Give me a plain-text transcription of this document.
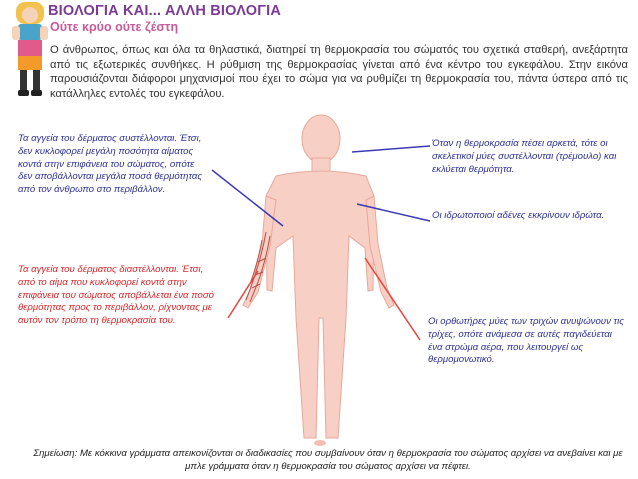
ΒΙΟΛΟΓΙΑ ΚΑΙ... ΑΛΛΗ ΒΙΟΛΟΓΙΑ
Ούτε κρύο ούτε ζέστη
Ο άνθρωπος, όπως και όλα τα θηλαστικά, διατηρεί τη θερμοκρασία του σώματός του σχετικά σταθερή, ανεξάρτητα από τις εξωτερικές συνθήκες. Η ρύθμιση της θερμοκρασίας γίνεται από ένα κέντρο του εγκεφάλου. Στην εικόνα παρουσιάζονται διάφοροι μηχανισμοί που έχει το σώμα για να ρυθμίζει τη θερμοκρασία του, πάντα ύστερα από τις κατάλληλες εντολές του εγκεφάλου.
Τα αγγεία του δέρματος συστέλλονται. Έτσι, δεν κυκλοφορεί μεγάλη ποσότητα αίματος κοντά στην επιφάνεια του σώματος, οπότε δεν αποβάλλονται μεγάλα ποσά θερμότητας από τον άνθρωπο στο περιβάλλον.
Τα αγγεία του δέρματος διαστέλλονται. Έτσι, από το αίμα που κυκλοφορεί κοντά στην επιφάνεια του σώματος αποβάλλεται ένα ποσό θερμότητας προς το περιβάλλον, ρίχνοντας με αυτόν τον τρόπο τη θερμοκρασία του.
Όταν η θερμοκρασία πέσει αρκετά, τότε οι σκελετικοί μύες συστέλλονται (τρέμουλο) και εκλύεται θερμότητα.
Οι ιδρωτοποιοί αδένες εκκρίνουν ιδρώτα.
Οι ορθωτήρες μύες των τριχών ανυψώνουν τις τρίχες, οπότε ανάμεσα σε αυτές παγιδεύεται ένα στρώμα αέρα, που λειτουργεί ως θερμομονωτικό.
Σημείωση: Με κόκκινα γράμματα απεικονίζονται οι διαδικασίες που συμβαίνουν όταν η θερμοκρασία του σώματος αρχίσει να ανεβαίνει και με μπλε γράμματα όταν η θερμοκρασία του σώματος αρχίσει να πέφτει.
